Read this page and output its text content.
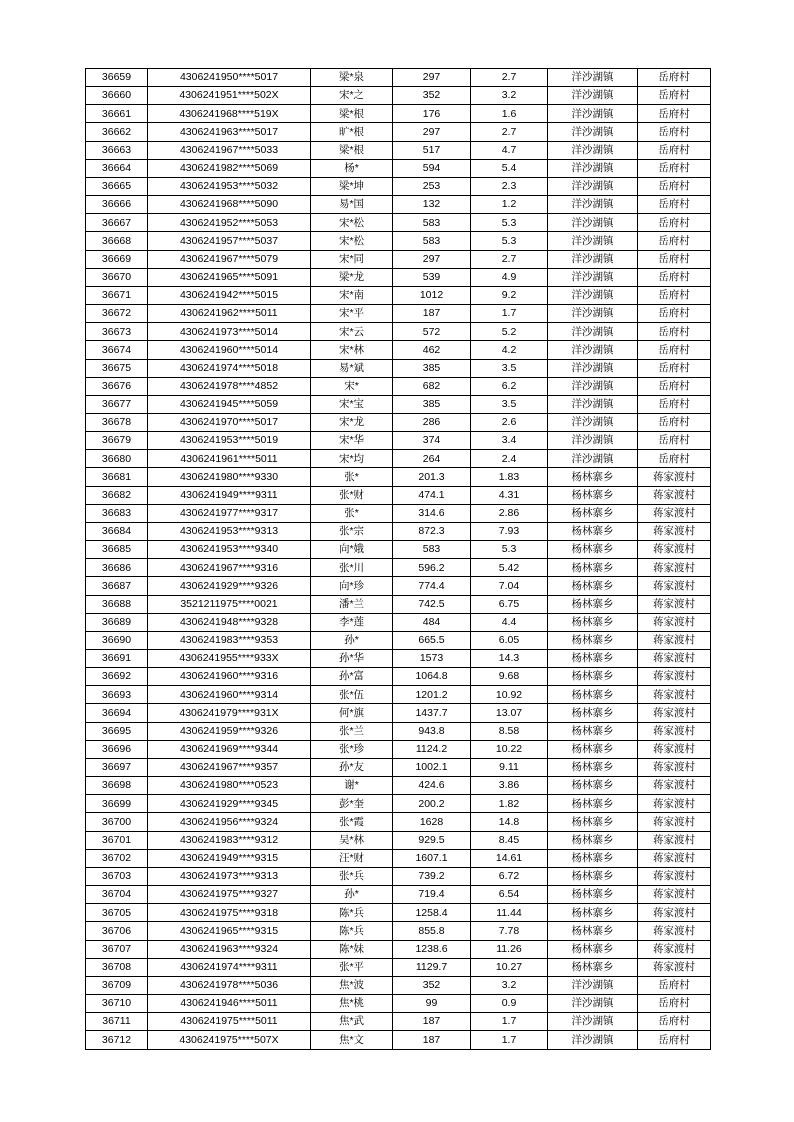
36659	4306241950****5017	梁*泉	297	2.7	洋沙湖镇	岳府村
36660	4306241951****502X	宋*之	352	3.2	洋沙湖镇	岳府村
36661	4306241968****519X	梁*根	176	1.6	洋沙湖镇	岳府村
36662	4306241963****5017	旷*根	297	2.7	洋沙湖镇	岳府村
36663	4306241967****5033	梁*根	517	4.7	洋沙湖镇	岳府村
36664	4306241982****5069	杨*	594	5.4	洋沙湖镇	岳府村
36665	4306241953****5032	梁*坤	253	2.3	洋沙湖镇	岳府村
36666	4306241968****5090	易*国	132	1.2	洋沙湖镇	岳府村
36667	4306241952****5053	宋*松	583	5.3	洋沙湖镇	岳府村
36668	4306241957****5037	宋*松	583	5.3	洋沙湖镇	岳府村
36669	4306241967****5079	宋*同	297	2.7	洋沙湖镇	岳府村
36670	4306241965****5091	梁*龙	539	4.9	洋沙湖镇	岳府村
36671	4306241942****5015	宋*南	1012	9.2	洋沙湖镇	岳府村
36672	4306241962****5011	宋*平	187	1.7	洋沙湖镇	岳府村
36673	4306241973****5014	宋*云	572	5.2	洋沙湖镇	岳府村
36674	4306241960****5014	宋*林	462	4.2	洋沙湖镇	岳府村
36675	4306241974****5018	易*斌	385	3.5	洋沙湖镇	岳府村
36676	4306241978****4852	宋*	682	6.2	洋沙湖镇	岳府村
36677	4306241945****5059	宋*宝	385	3.5	洋沙湖镇	岳府村
36678	4306241970****5017	宋*龙	286	2.6	洋沙湖镇	岳府村
36679	4306241953****5019	宋*华	374	3.4	洋沙湖镇	岳府村
36680	4306241961****5011	宋*均	264	2.4	洋沙湖镇	岳府村
36681	4306241980****9330	张*	201.3	1.83	杨林寨乡	蒋家渡村
36682	4306241949****9311	张*财	474.1	4.31	杨林寨乡	蒋家渡村
36683	4306241977****9317	张*	314.6	2.86	杨林寨乡	蒋家渡村
36684	4306241953****9313	张*宗	872.3	7.93	杨林寨乡	蒋家渡村
36685	4306241953****9340	向*娥	583	5.3	杨林寨乡	蒋家渡村
36686	4306241967****9316	张*川	596.2	5.42	杨林寨乡	蒋家渡村
36687	4306241929****9326	向*珍	774.4	7.04	杨林寨乡	蒋家渡村
36688	3521211975****0021	潘*兰	742.5	6.75	杨林寨乡	蒋家渡村
36689	4306241948****9328	李*莲	484	4.4	杨林寨乡	蒋家渡村
36690	4306241983****9353	孙*	665.5	6.05	杨林寨乡	蒋家渡村
36691	4306241955****933X	孙*华	1573	14.3	杨林寨乡	蒋家渡村
36692	4306241960****9316	孙*富	1064.8	9.68	杨林寨乡	蒋家渡村
36693	4306241960****9314	张*伍	1201.2	10.92	杨林寨乡	蒋家渡村
36694	4306241979****931X	何*旗	1437.7	13.07	杨林寨乡	蒋家渡村
36695	4306241959****9326	张*兰	943.8	8.58	杨林寨乡	蒋家渡村
36696	4306241969****9344	张*珍	1124.2	10.22	杨林寨乡	蒋家渡村
36697	4306241967****9357	孙*友	1002.1	9.11	杨林寨乡	蒋家渡村
36698	4306241980****0523	谢*	424.6	3.86	杨林寨乡	蒋家渡村
36699	4306241929****9345	彭*奎	200.2	1.82	杨林寨乡	蒋家渡村
36700	4306241956****9324	张*霞	1628	14.8	杨林寨乡	蒋家渡村
36701	4306241983****9312	吴*林	929.5	8.45	杨林寨乡	蒋家渡村
36702	4306241949****9315	汪*财	1607.1	14.61	杨林寨乡	蒋家渡村
36703	4306241973****9313	张*兵	739.2	6.72	杨林寨乡	蒋家渡村
36704	4306241975****9327	孙*	719.4	6.54	杨林寨乡	蒋家渡村
36705	4306241975****9318	陈*兵	1258.4	11.44	杨林寨乡	蒋家渡村
36706	4306241965****9315	陈*兵	855.8	7.78	杨林寨乡	蒋家渡村
36707	4306241963****9324	陈*妹	1238.6	11.26	杨林寨乡	蒋家渡村
36708	4306241974****9311	张*平	1129.7	10.27	杨林寨乡	蒋家渡村
36709	4306241978****5036	焦*波	352	3.2	洋沙湖镇	岳府村
36710	4306241946****5011	焦*桃	99	0.9	洋沙湖镇	岳府村
36711	4306241975****5011	焦*武	187	1.7	洋沙湖镇	岳府村
36712	4306241975****507X	焦*文	187	1.7	洋沙湖镇	岳府村
